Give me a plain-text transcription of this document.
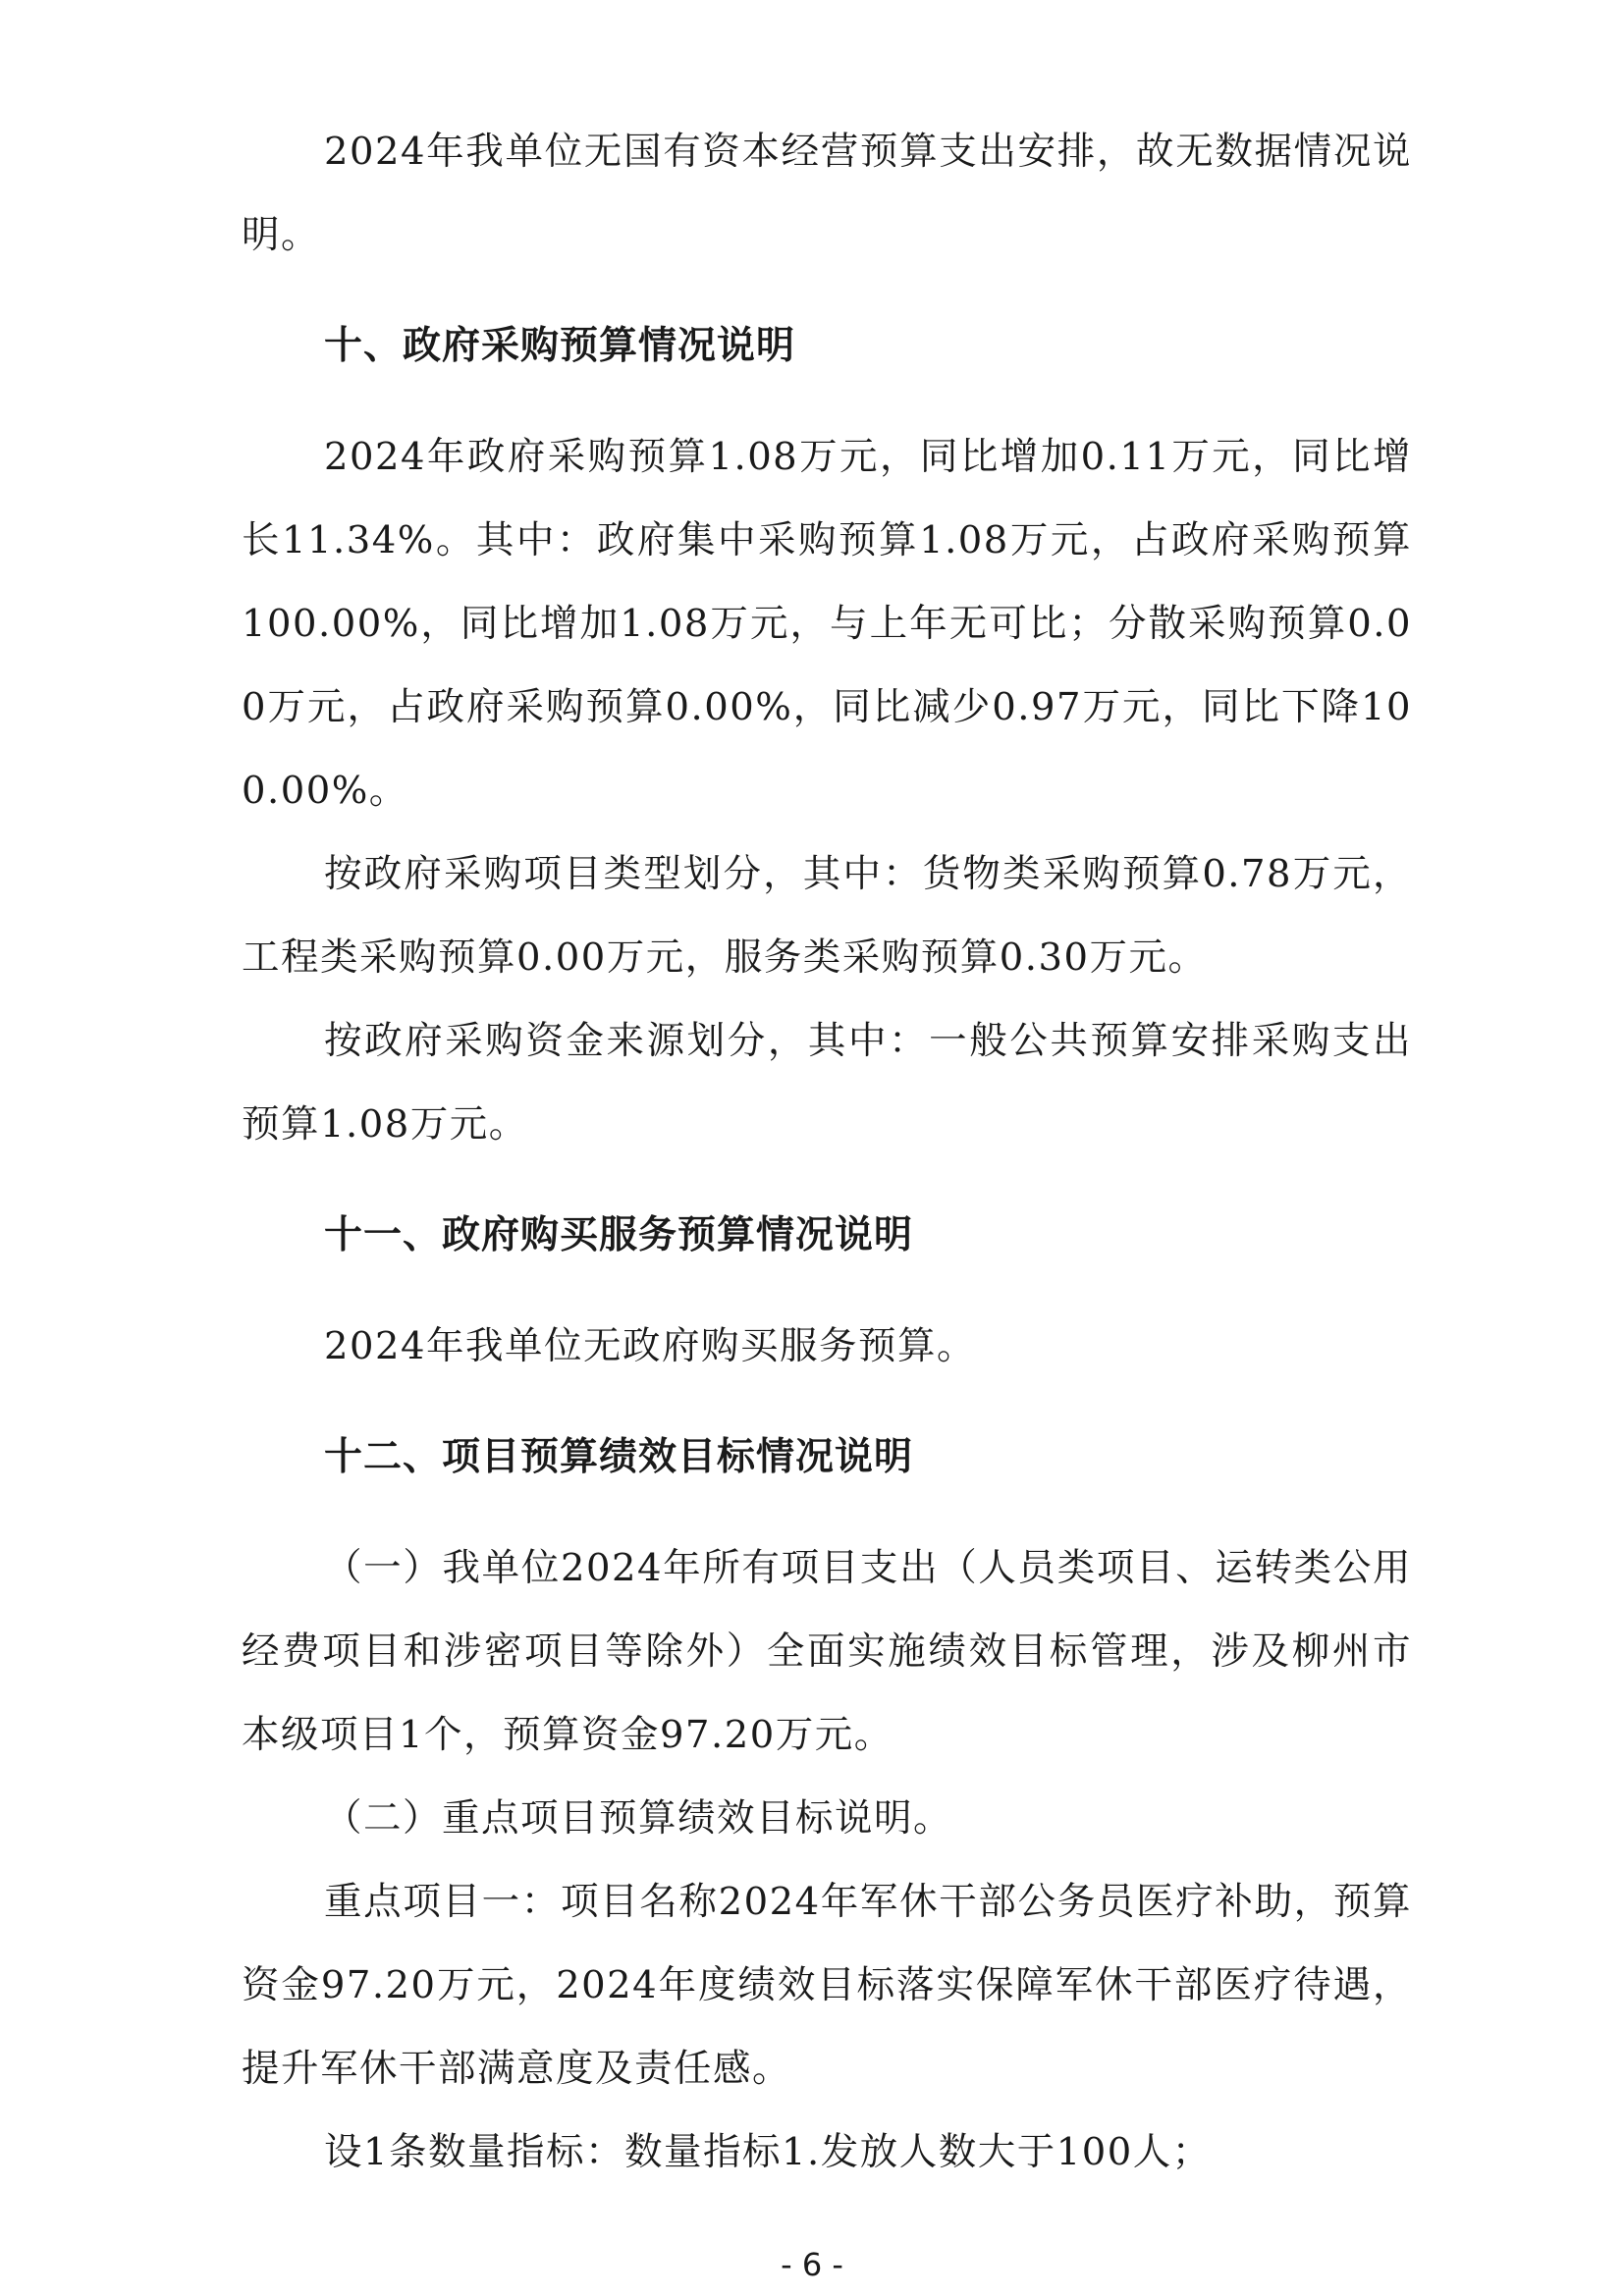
2024年我单位无国有资本经营预算支出安排，故无数据情况说明。

十、政府采购预算情况说明

2024年政府采购预算1.08万元，同比增加0.11万元，同比增长11.34%。其中：政府集中采购预算1.08万元，占政府采购预算100.00%，同比增加1.08万元，与上年无可比；分散采购预算0.00万元，占政府采购预算0.00%，同比减少0.97万元，同比下降100.00%。

按政府采购项目类型划分，其中：货物类采购预算0.78万元，工程类采购预算0.00万元，服务类采购预算0.30万元。

按政府采购资金来源划分，其中：一般公共预算安排采购支出预算1.08万元。

十一、政府购买服务预算情况说明

2024年我单位无政府购买服务预算。

十二、项目预算绩效目标情况说明

（一）我单位2024年所有项目支出（人员类项目、运转类公用经费项目和涉密项目等除外）全面实施绩效目标管理，涉及柳州市本级项目1个，预算资金97.20万元。

（二）重点项目预算绩效目标说明。

重点项目一：项目名称2024年军休干部公务员医疗补助，预算资金97.20万元，2024年度绩效目标落实保障军休干部医疗待遇，提升军休干部满意度及责任感。

设1条数量指标：数量指标1.发放人数大于100人；

- 6 -
